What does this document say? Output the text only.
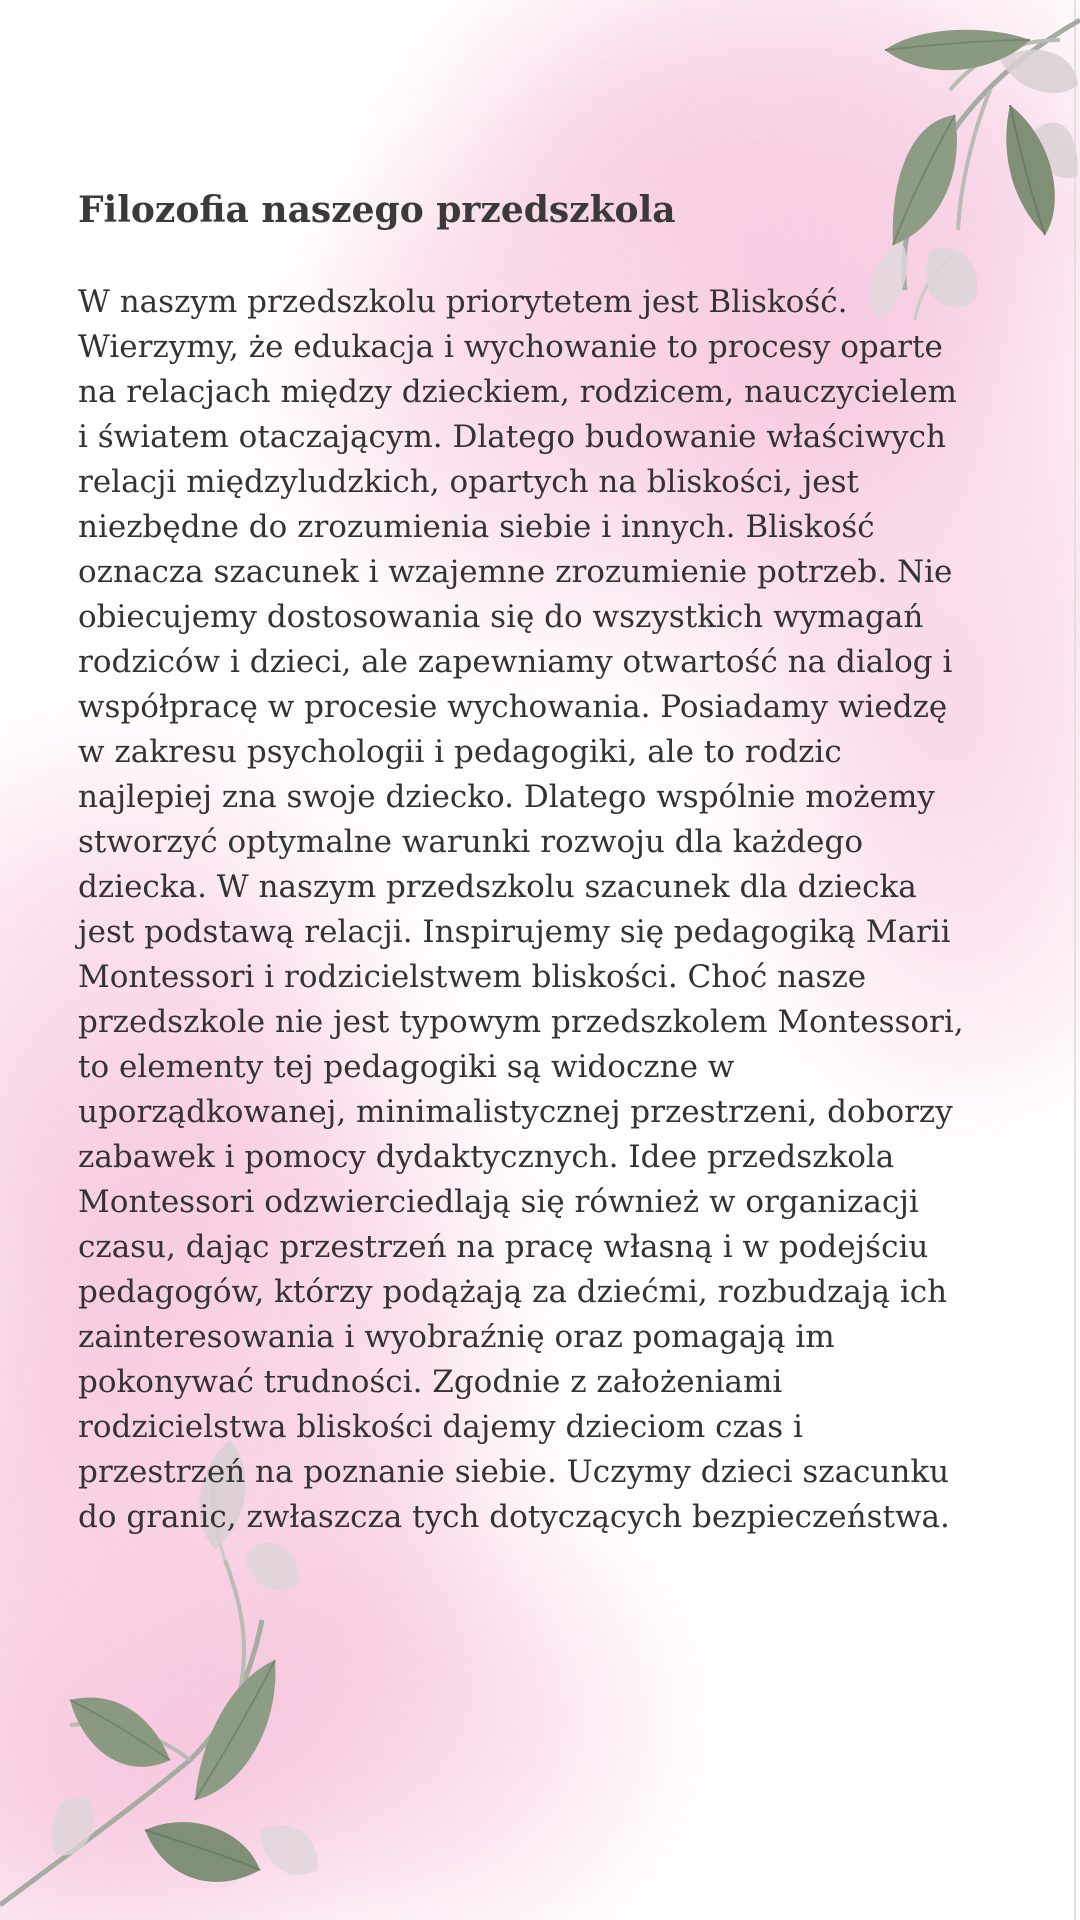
Filozofia naszego przedszkola

W naszym przedszkolu priorytetem jest Bliskość.
Wierzymy, że edukacja i wychowanie to procesy oparte
na relacjach między dzieckiem, rodzicem, nauczycielem
i światem otaczającym. Dlatego budowanie właściwych
relacji międzyludzkich, opartych na bliskości, jest
niezbędne do zrozumienia siebie i innych. Bliskość
oznacza szacunek i wzajemne zrozumienie potrzeb. Nie
obiecujemy dostosowania się do wszystkich wymagań
rodziców i dzieci, ale zapewniamy otwartość na dialog i
współpracę w procesie wychowania. Posiadamy wiedzę
w zakresu psychologii i pedagogiki, ale to rodzic
najlepiej zna swoje dziecko. Dlatego wspólnie możemy
stworzyć optymalne warunki rozwoju dla każdego
dziecka. W naszym przedszkolu szacunek dla dziecka
jest podstawą relacji. Inspirujemy się pedagogiką Marii
Montessori i rodzicielstwem bliskości. Choć nasze
przedszkole nie jest typowym przedszkolem Montessori,
to elementy tej pedagogiki są widoczne w
uporządkowanej, minimalistycznej przestrzeni, doborzy
zabawek i pomocy dydaktycznych. Idee przedszkola
Montessori odzwierciedlają się również w organizacji
czasu, dając przestrzeń na pracę własną i w podejściu
pedagogów, którzy podążają za dziećmi, rozbudzają ich
zainteresowania i wyobraźnię oraz pomagają im
pokonywać trudności. Zgodnie z założeniami
rodzicielstwa bliskości dajemy dzieciom czas i
przestrzeń na poznanie siebie. Uczymy dzieci szacunku
do granic, zwłaszcza tych dotyczących bezpieczeństwa.
